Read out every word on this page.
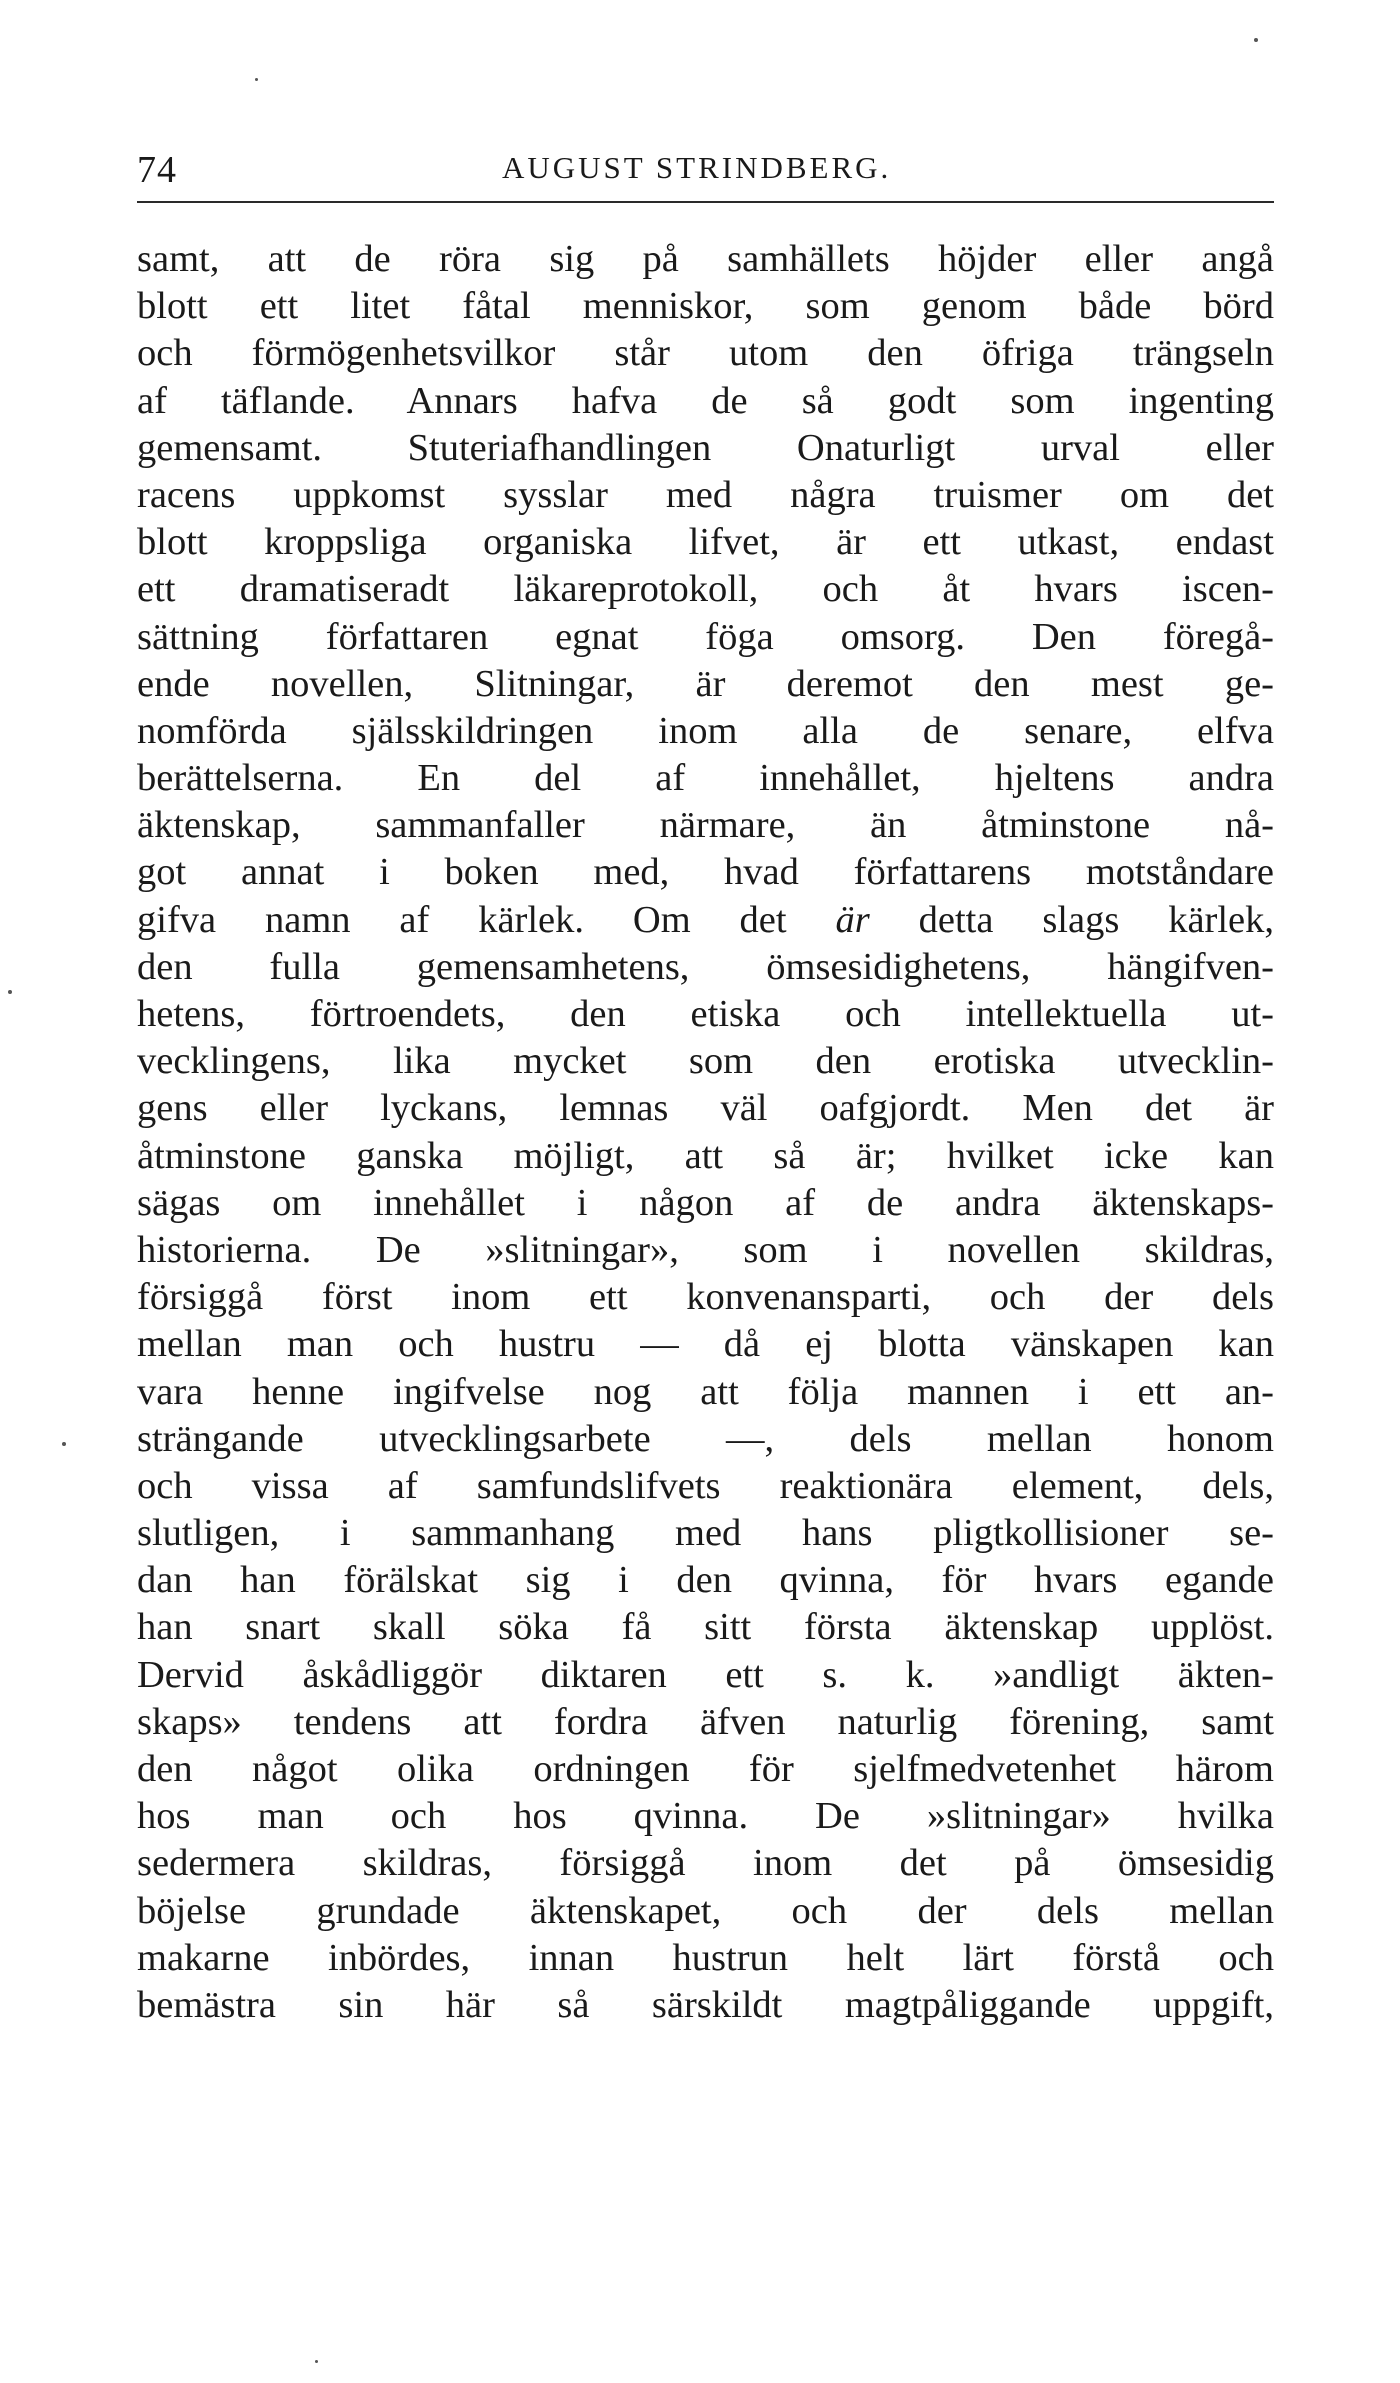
74	AUGUST STRINDBERG.
samt, att de röra sig på samhällets höjder eller angå
blott ett litet fåtal menniskor, som genom både börd
och förmögenhetsvilkor står utom den öfriga trängseln
af täflande. Annars hafva de så godt som ingenting
gemensamt. Stuteriafhandlingen Onaturligt urval eller
racens uppkomst sysslar med några truismer om det
blott kroppsliga organiska lifvet, är ett utkast, endast
ett dramatiseradt läkareprotokoll, och åt hvars iscen-
sättning författaren egnat föga omsorg. Den föregå-
ende novellen, Slitningar, är deremot den mest ge-
nomförda själsskildringen inom alla de senare, elfva
berättelserna. En del af innehållet, hjeltens andra
äktenskap, sammanfaller närmare, än åtminstone nå-
got annat i boken med, hvad författarens motståndare
gifva namn af kärlek. Om det är detta slags kärlek,
den fulla gemensamhetens, ömsesidighetens, hängifven-
hetens, förtroendets, den etiska och intellektuella ut-
vecklingens, lika mycket som den erotiska utvecklin-
gens eller lyckans, lemnas väl oafgjordt. Men det är
åtminstone ganska möjligt, att så är; hvilket icke kan
sägas om innehållet i någon af de andra äktenskaps-
historierna. De »slitningar», som i novellen skildras,
försiggå först inom ett konvenansparti, och der dels
mellan man och hustru — då ej blotta vänskapen kan
vara henne ingifvelse nog att följa mannen i ett an-
strängande utvecklingsarbete —, dels mellan honom
och vissa af samfundslifvets reaktionära element, dels,
slutligen, i sammanhang med hans pligtkollisioner se-
dan han förälskat sig i den qvinna, för hvars egande
han snart skall söka få sitt första äktenskap upplöst.
Dervid åskådliggör diktaren ett s. k. »andligt äkten-
skaps» tendens att fordra äfven naturlig förening, samt
den något olika ordningen för sjelfmedvetenhet härom
hos man och hos qvinna. De »slitningar» hvilka
sedermera skildras, försiggå inom det på ömsesidig
böjelse grundade äktenskapet, och der dels mellan
makarne inbördes, innan hustrun helt lärt förstå och
bemästra sin här så särskildt magtpåliggande uppgift,
